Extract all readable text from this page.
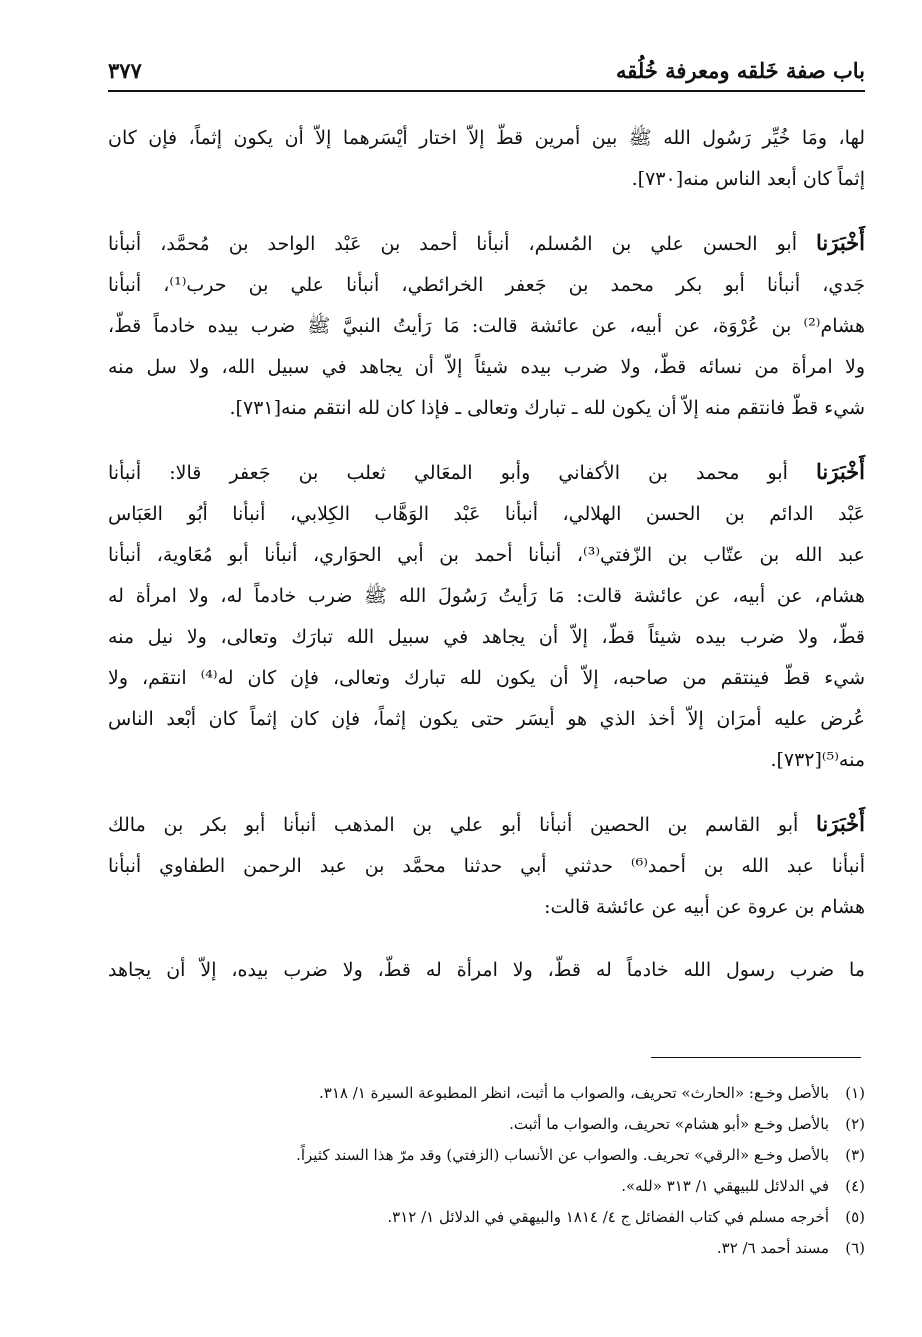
باب صفة خَلقه ومعرفة خُلُقه
٣٧٧
لها، ومَا خُيِّر رَسُول الله ﷺ بين أمرين قطّ إلاّ اختار أيْسَرهما إلاّ أن يكون إثماً، فإن كان
إثماً كان أبعد الناس منه[٧٣٠].
أَخْبَرَنا أبو الحسن علي بن المُسلم، أنبأنا أحمد بن عَبْد الواحد بن مُحمَّد، أنبأنا
جَدي، أنبأنا أبو بكر محمد بن جَعفر الخرائطي، أنبأنا علي بن حرب⁽¹⁾، أنبأنا
هشام⁽²⁾ بن عُرْوَة، عن أبيه، عن عائشة قالت: مَا رَأيتُ النبيَّ ﷺ ضرب بيده خادماً قطّ،
ولا امرأة من نسائه قطّ، ولا ضرب بيده شيئاً إلاّ أن يجاهد في سبيل الله، ولا سل منه
شيء قطّ فانتقم منه إلاّ أن يكون لله ـ تبارك وتعالى ـ فإذا كان لله انتقم منه[٧٣١].
أَخْبَرَنا أبو محمد بن الأكفاني وأبو المعَالي ثعلب بن جَعفر قالا: أنبأنا
عَبْد الدائم بن الحسن الهلالي، أنبأنا عَبْد الوَهَّاب الكِلابي، أنبأنا أبُو العَبَاس
عبد الله بن عتّاب بن الزّفتي⁽³⁾، أنبأنا أحمد بن أبي الحوَاري، أنبأنا أبو مُعَاوية، أنبأنا
هشام، عن أبيه، عن عائشة قالت: مَا رَأيتُ رَسُولَ الله ﷺ ضرب خادماً له، ولا امرأة له
قطّ، ولا ضرب بيده شيئاً قطّ، إلاّ أن يجاهد في سبيل الله تبارَك وتعالى، ولا نيل منه
شيء قطّ فينتقم من صاحبه، إلاّ أن يكون لله تبارك وتعالى، فإن كان له⁽⁴⁾ انتقم، ولا
عُرض عليه أمرَان إلاّ أخذ الذي هو أيسَر حتى يكون إثماً، فإن كان إثماً كان أبْعد الناس
منه⁽⁵⁾[٧٣٢].
أَخْبَرَنا أبو القاسم بن الحصين أنبأنا أبو علي بن المذهب أنبأنا أبو بكر بن مالك
أنبأنا عبد الله بن أحمد⁽⁶⁾ حدثني أبي حدثنا محمَّد بن عبد الرحمن الطفاوي أنبأنا
هشام بن عروة عن أبيه عن عائشة قالت:
ما ضرب رسول الله خادماً له قطّ، ولا امرأة له قطّ، ولا ضرب بيده، إلاّ أن يجاهد
(١)بالأصل وخـع: «الحارث» تحريف، والصواب ما أثبت، انظر المطبوعة السيرة ١/ ٣١٨.
(٢)بالأصل وخـع «أبو هشام» تحريف، والصواب ما أثبت.
(٣)بالأصل وخـع «الرقي» تحريف. والصواب عن الأنساب (الزفتي) وقد مرّ هذا السند كثيراً.
(٤)في الدلائل للبيهقي ١/ ٣١٣ «لله».
(٥)أخرجه مسلم في كتاب الفضائل ج ٤/ ١٨١٤ والبيهقي في الدلائل ١/ ٣١٢.
(٦)مسند أحمد ٦/ ٣٢.
